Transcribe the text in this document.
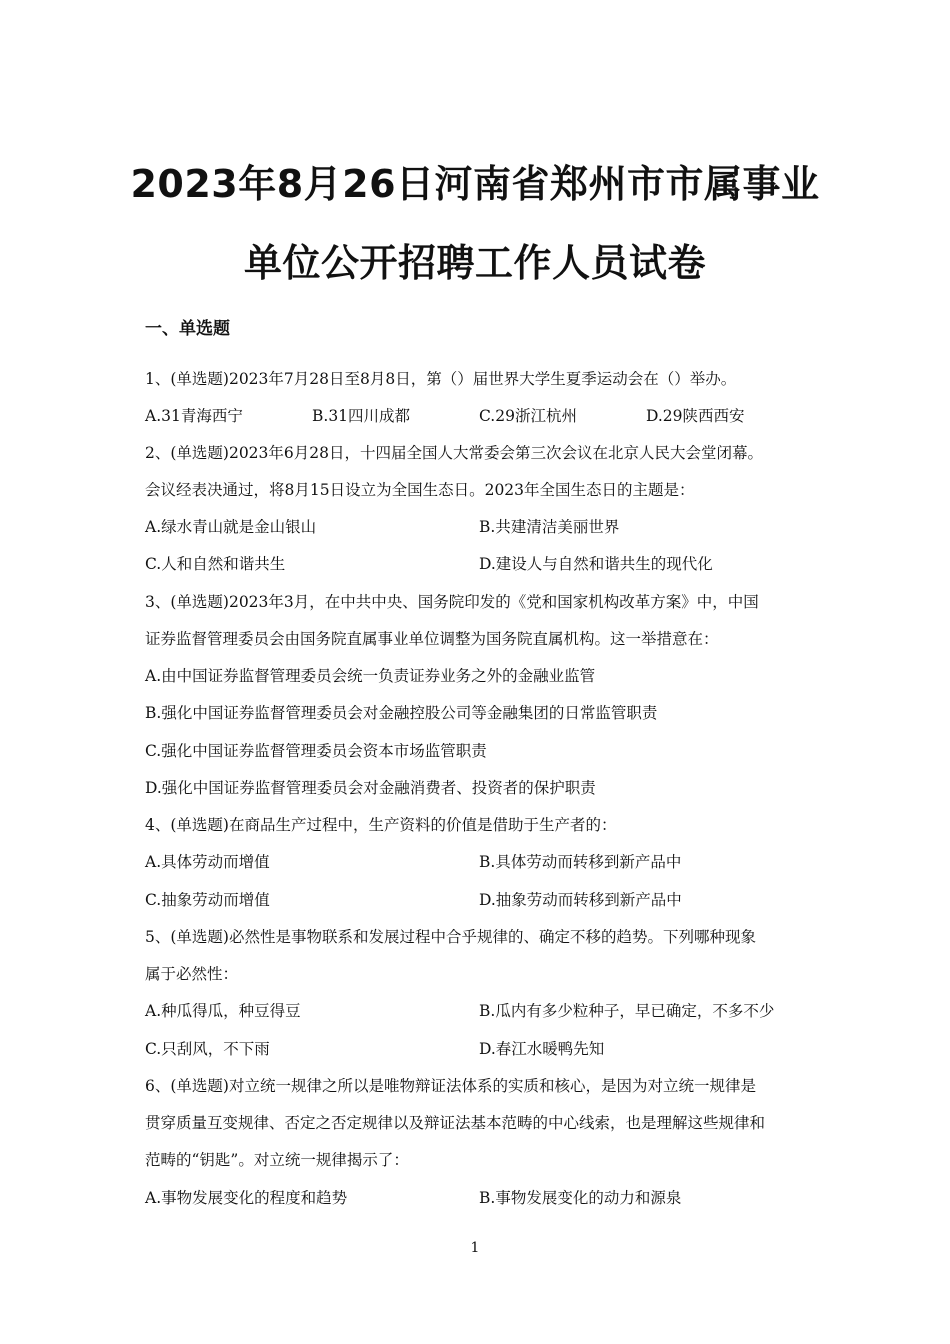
2023年8月26日河南省郑州市市属事业
单位公开招聘工作人员试卷
一、单选题
1、(单选题)2023年7月28日至8月8日，第（）届世界大学生夏季运动会在（）举办。
A.31青海西宁	B.31四川成都	C.29浙江杭州	D.29陕西西安
2、(单选题)2023年6月28日，十四届全国人大常委会第三次会议在北京人民大会堂闭幕。
会议经表决通过，将8月15日设立为全国生态日。2023年全国生态日的主题是：
A.绿水青山就是金山银山	B.共建清洁美丽世界
C.人和自然和谐共生	D.建设人与自然和谐共生的现代化
3、(单选题)2023年3月，在中共中央、国务院印发的《党和国家机构改革方案》中，中国
证券监督管理委员会由国务院直属事业单位调整为国务院直属机构。这一举措意在：
A.由中国证券监督管理委员会统一负责证券业务之外的金融业监管
B.强化中国证券监督管理委员会对金融控股公司等金融集团的日常监管职责
C.强化中国证券监督管理委员会资本市场监管职责
D.强化中国证券监督管理委员会对金融消费者、投资者的保护职责
4、(单选题)在商品生产过程中，生产资料的价值是借助于生产者的：
A.具体劳动而增值	B.具体劳动而转移到新产品中
C.抽象劳动而增值	D.抽象劳动而转移到新产品中
5、(单选题)必然性是事物联系和发展过程中合乎规律的、确定不移的趋势。下列哪种现象
属于必然性：
A.种瓜得瓜，种豆得豆	B.瓜内有多少粒种子，早已确定，不多不少
C.只刮风，不下雨	D.春江水暖鸭先知
6、(单选题)对立统一规律之所以是唯物辩证法体系的实质和核心，是因为对立统一规律是
贯穿质量互变规律、否定之否定规律以及辩证法基本范畴的中心线索，也是理解这些规律和
范畴的“钥匙”。对立统一规律揭示了：
A.事物发展变化的程度和趋势	B.事物发展变化的动力和源泉
1
